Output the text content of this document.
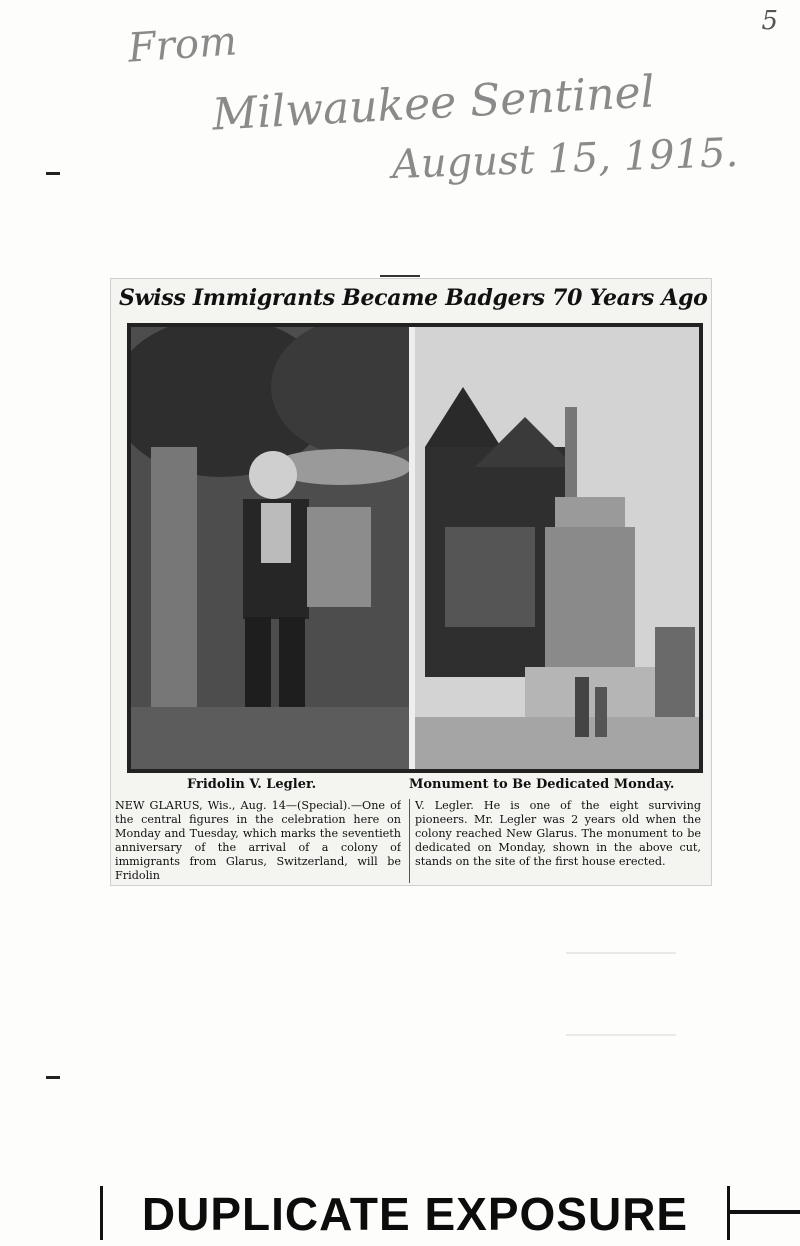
From
Milwaukee Sentinel
August 15, 1915.
5
Swiss Immigrants Became Badgers 70 Years Ago
Fridolin V. Legler.	Monument to Be Dedicated Monday.

NEW GLARUS, Wis., Aug. 14—(Special).—One of the central figures in the celebration here on Monday and Tuesday, which marks the seventieth anniversary of the arrival of a colony of immigrants from Glarus, Switzerland, will be Fridolin

V. Legler. He is one of the eight surviving pioneers. Mr. Legler was 2 years old when the colony reached New Glarus. The monument to be dedicated on Monday, shown in the above cut, stands on the site of the first house erected.

DUPLICATE EXPOSURE
